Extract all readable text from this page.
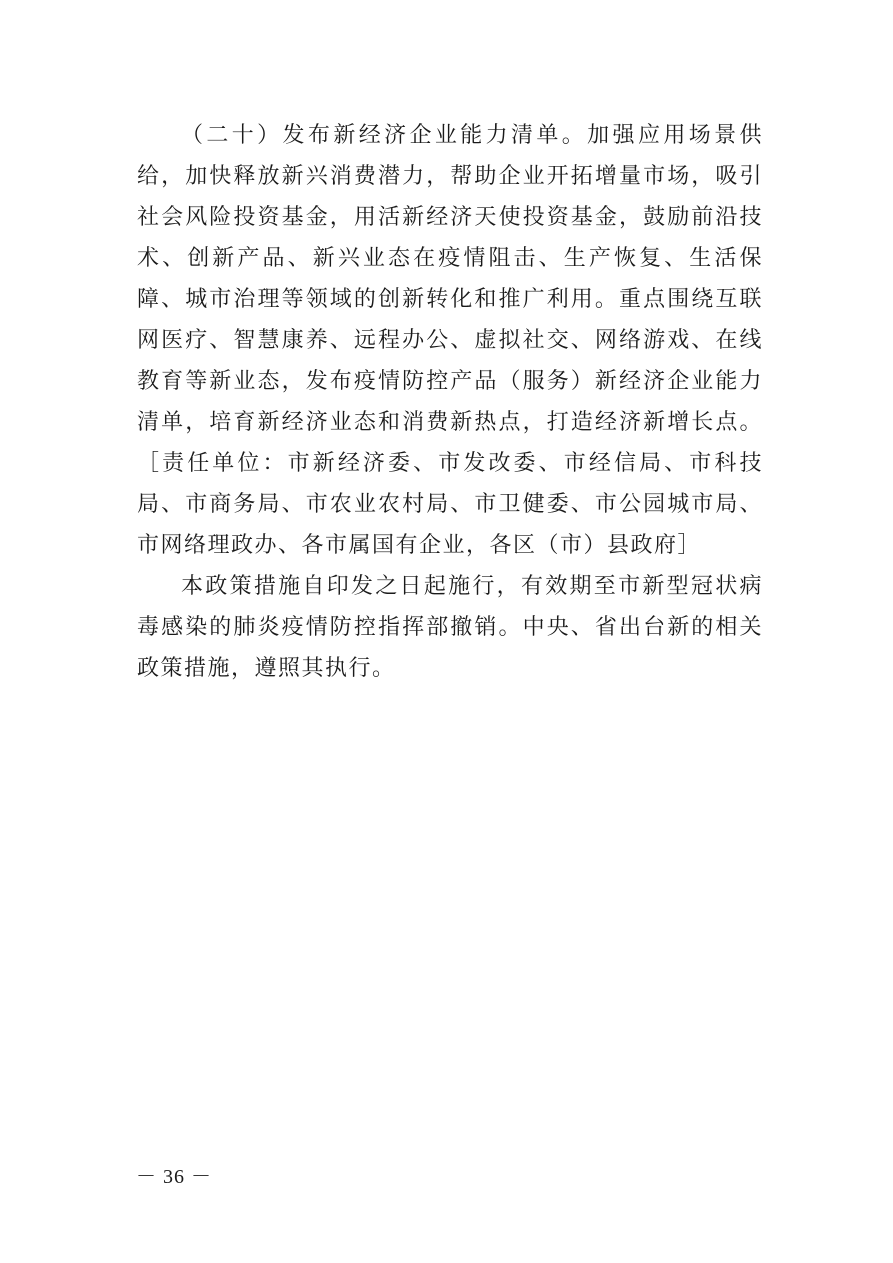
（二十）发布新经济企业能力清单。加强应用场景供给，加快释放新兴消费潜力，帮助企业开拓增量市场，吸引社会风险投资基金，用活新经济天使投资基金，鼓励前沿技术、创新产品、新兴业态在疫情阻击、生产恢复、生活保障、城市治理等领域的创新转化和推广利用。重点围绕互联网医疗、智慧康养、远程办公、虚拟社交、网络游戏、在线教育等新业态，发布疫情防控产品（服务）新经济企业能力清单，培育新经济业态和消费新热点，打造经济新增长点。［责任单位：市新经济委、市发改委、市经信局、市科技局、市商务局、市农业农村局、市卫健委、市公园城市局、市网络理政办、各市属国有企业，各区（市）县政府］

本政策措施自印发之日起施行，有效期至市新型冠状病毒感染的肺炎疫情防控指挥部撤销。中央、省出台新的相关政策措施，遵照其执行。

－ 36 －
